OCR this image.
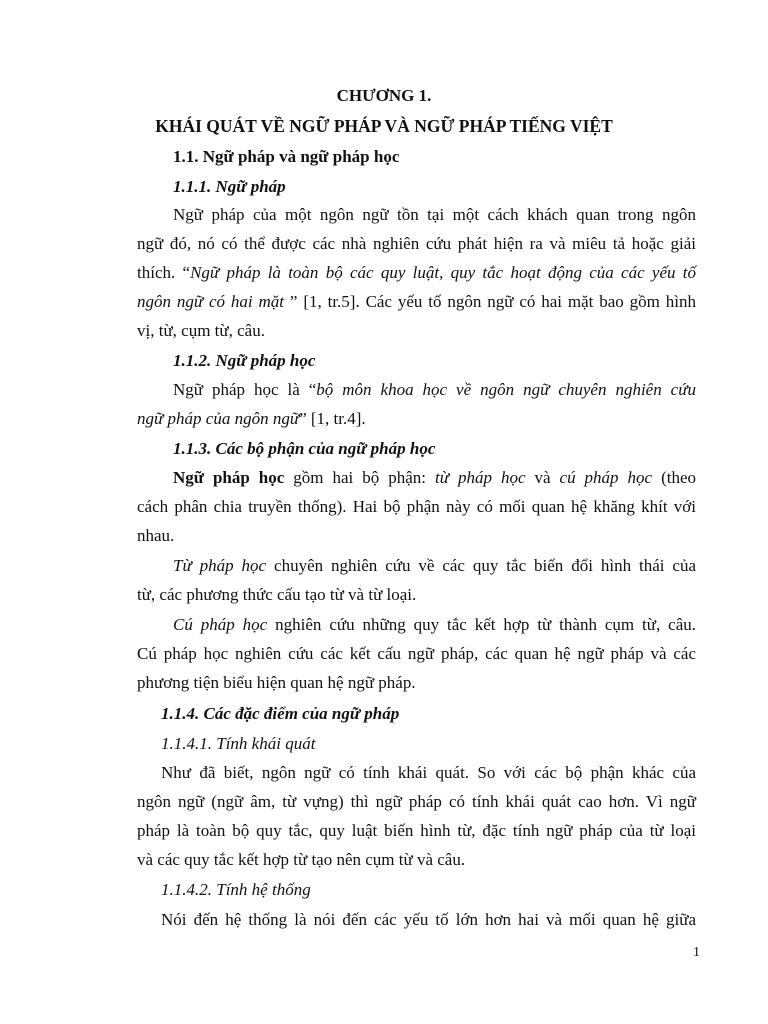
CHƯƠNG 1.
KHÁI QUÁT VỀ NGỮ PHÁP VÀ NGỮ PHÁP TIẾNG VIỆT
1.1. Ngữ pháp và ngữ pháp học
1.1.1. Ngữ pháp
Ngữ pháp của một ngôn ngữ tồn tại một cách khách quan trong ngôn
ngữ đó, nó có thể được các nhà nghiên cứu phát hiện ra và miêu tả hoặc giải
thích. “Ngữ pháp là toàn bộ các quy luật, quy tắc hoạt động của các yếu tố
ngôn ngữ có hai mặt ” [1, tr.5]. Các yếu tố ngôn ngữ có hai mặt bao gồm hình
vị, từ, cụm từ, câu.
1.1.2. Ngữ pháp học
Ngữ pháp học là “bộ môn khoa học về ngôn ngữ chuyên nghiên cứu
ngữ pháp của ngôn ngữ” [1, tr.4].
1.1.3. Các bộ phận của ngữ pháp học
Ngữ pháp học gồm hai bộ phận: từ pháp học và cú pháp học (theo
cách phân chia truyền thống). Hai bộ phận này có mối quan hệ khăng khít với
nhau.
Từ pháp học chuyên nghiên cứu về các quy tắc biến đổi hình thái của
từ, các phương thức cấu tạo từ và từ loại.
Cú pháp học nghiên cứu những quy tắc kết hợp từ thành cụm từ, câu.
Cú pháp học nghiên cứu các kết cấu ngữ pháp, các quan hệ ngữ pháp và các
phương tiện biểu hiện quan hệ ngữ pháp.
1.1.4. Các đặc điểm của ngữ pháp
1.1.4.1. Tính khái quát
Như đã biết, ngôn ngữ có tính khái quát. So với các bộ phận khác của
ngôn ngữ (ngữ âm, từ vựng) thì ngữ pháp có tính khái quát cao hơn. Vì ngữ
pháp là toàn bộ quy tắc, quy luật biến hình từ, đặc tính ngữ pháp của từ loại
và các quy tắc kết hợp từ tạo nên cụm từ và câu.
1.1.4.2. Tính hệ thống
Nói đến hệ thống là nói đến các yếu tố lớn hơn hai và mối quan hệ giữa
1
